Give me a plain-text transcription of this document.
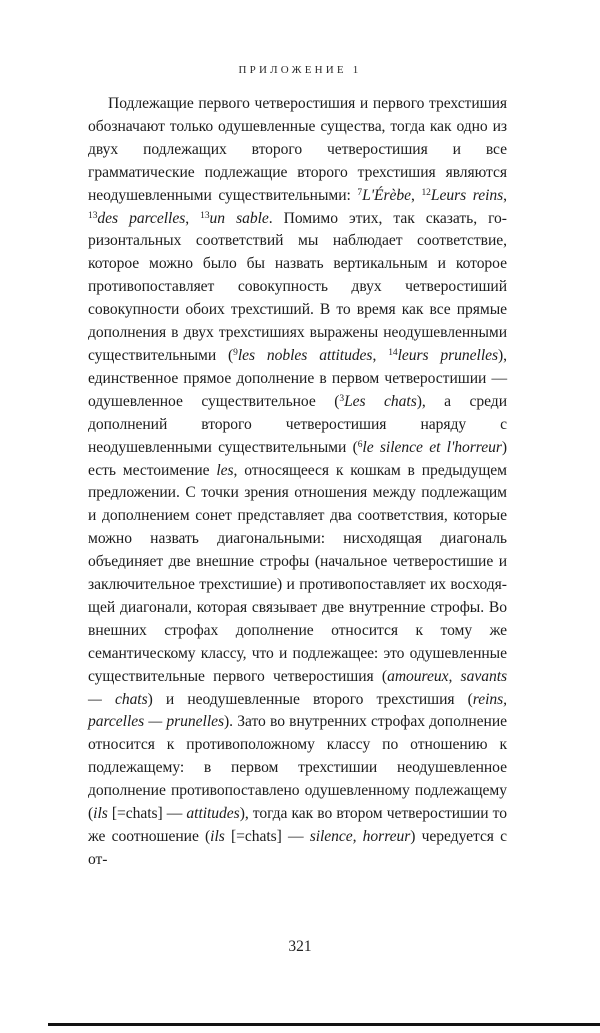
ПРИЛОЖЕНИЕ 1

Подлежащие первого четверостишия и первого трехстишия обозначают только одушевленные существа, тогда как одно из двух подлежащих второго четверостишия и все грамматические подлежащие второго трехстишия являются неодушевленными существительными: $^7$L'Érèbe, $^{12}$Leurs reins, $^{13}$des parcelles, $^{13}$un sable. Помимо этих, так сказать, горизонтальных соответствий мы наблюдает соответствие, которое можно было бы назвать вертикальным и которое противопоставляет совокупность двух четверостиший совокупности обоих трехстиший. В то время как все прямые дополнения в двух трехстишиях выражены неодушевленными существительными ($^9$les nobles attitudes, $^{14}$leurs prunelles), единственное прямое дополнение в первом четверостишии — одушевленное существительное ($^3$Les chats), а среди дополнений второго четверостишия наряду с неодушевленными существительными ($^6$le silence et l'horreur) есть местоимение les, относящееся к кошкам в предыдущем предложении. С точки зрения отношения между подлежащим и дополнением сонет представляет два соответствия, которые можно назвать диагональными: нисходящая диагональ объединяет две внешние строфы (начальное четверостишие и заключительное трехстишие) и противопоставляет их восходящей диагонали, которая связывает две внутренние строфы. Во внешних строфах дополнение относится к тому же семантическому классу, что и подлежащее: это одушевленные существительные первого четверостишия (amoureux, savants — chats) и неодушевленные второго трехстишия (reins, parcelles — prunelles). Зато во внутренних строфах дополнение относится к противоположному классу по отношению к подлежащему: в первом трехстишии неодушевленное дополнение противопоставлено одушевленному подлежащему (ils [=chats] — attitudes), тогда как во втором четверостишии то же соотношение (ils [=chats] — silence, horreur) чередуется с от-

321
